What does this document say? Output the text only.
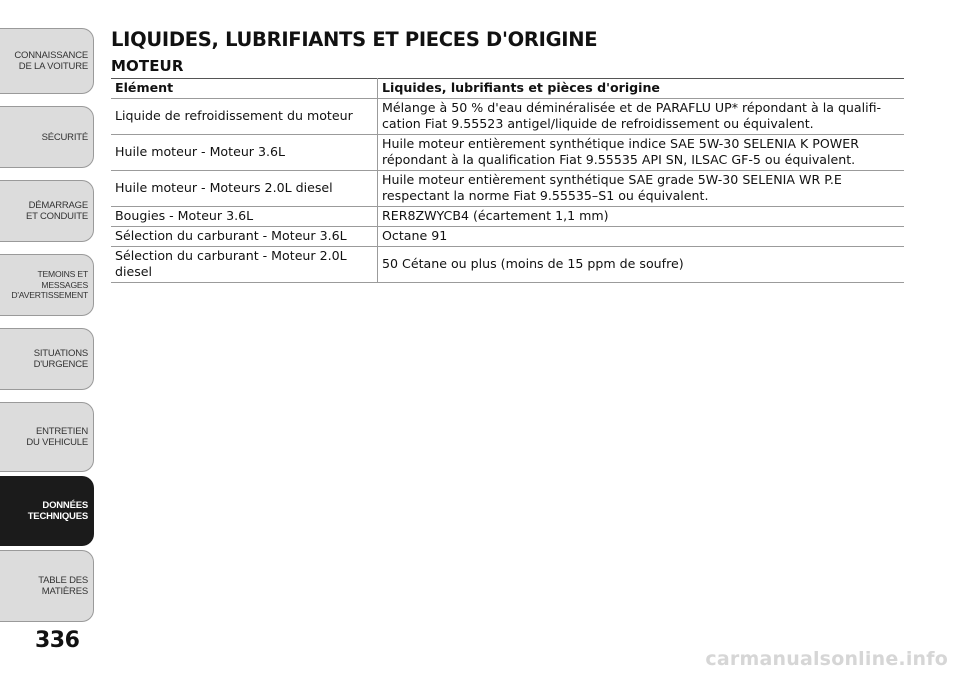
CONNAISSANCE
DE LA VOITURE
SÉCURITÉ
DÉMARRAGE
ET CONDUITE
TEMOINS ET
MESSAGES
D'AVERTISSEMENT
SITUATIONS
D'URGENCE
ENTRETIEN
DU VEHICULE
DONNÉES
TECHNIQUES
TABLE DES
MATIÈRES
336
LIQUIDES, LUBRIFIANTS ET PIECES D'ORIGINE
MOTEUR
Elément	Liquides, lubrifiants et pièces d'origine
Liquide de refroidissement du moteur	Mélange à 50 % d'eau déminéralisée et de PARAFLU UP* répondant à la qualifi-
cation Fiat 9.55523 antigel/liquide de refroidissement ou équivalent.
Huile moteur - Moteur 3.6L	Huile moteur entièrement synthétique indice SAE 5W-30 SELENIA K POWER
répondant à la qualification Fiat 9.55535 API SN, ILSAC GF-5 ou équivalent.
Huile moteur - Moteurs 2.0L diesel	Huile moteur entièrement synthétique SAE grade 5W-30 SELENIA WR P.E
respectant la norme Fiat 9.55535–S1 ou équivalent.
Bougies - Moteur 3.6L	RER8ZWYCB4 (écartement 1,1 mm)
Sélection du carburant - Moteur 3.6L	Octane 91
Sélection du carburant - Moteur 2.0L
diesel	50 Cétane ou plus (moins de 15 ppm de soufre)
carmanualsonline.info
